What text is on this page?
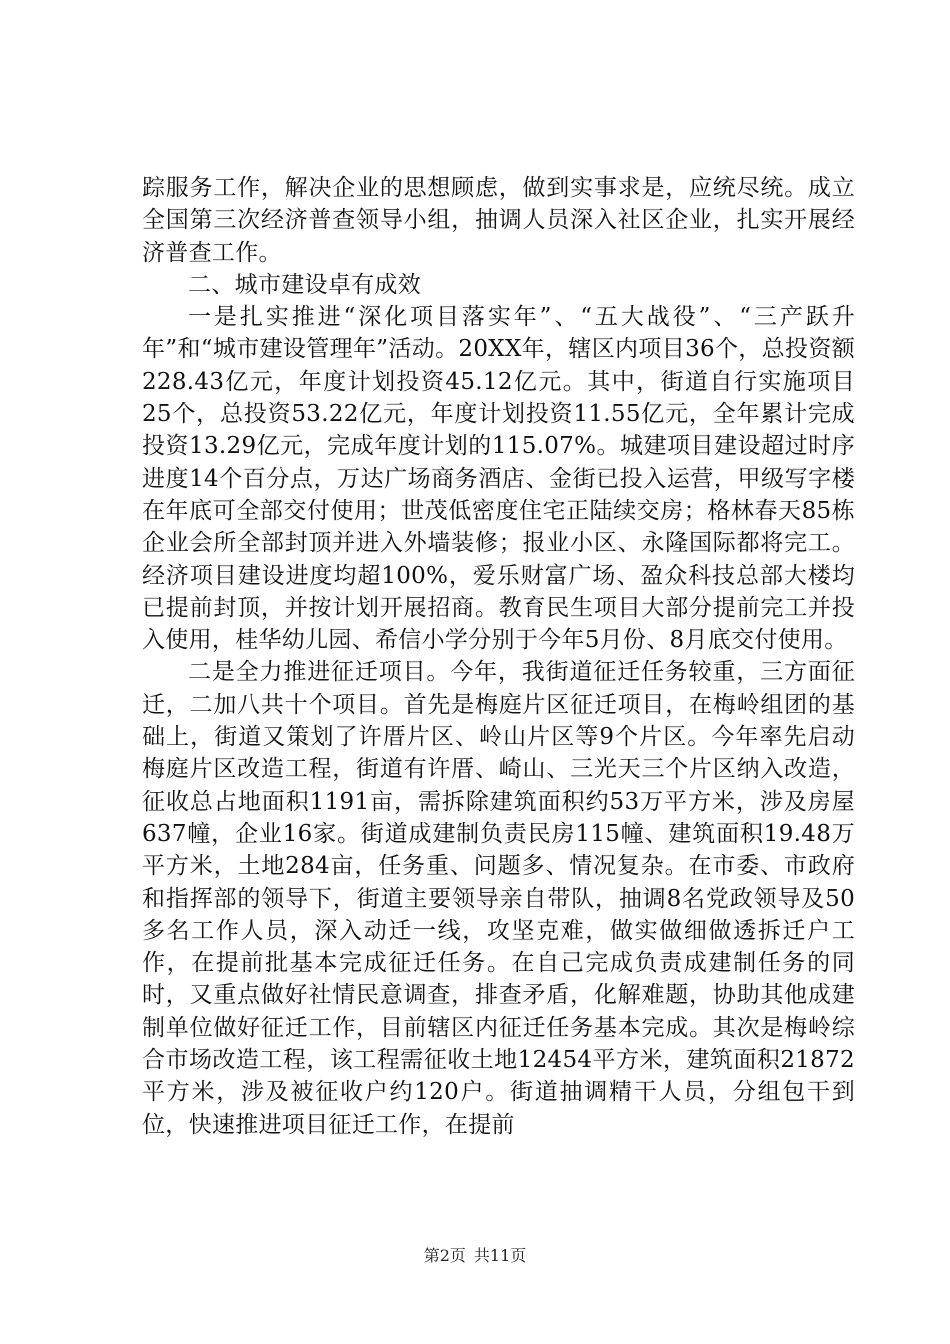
踪服务工作，解决企业的思想顾虑，做到实事求是，应统尽统。成立全国第三次经济普查领导小组，抽调人员深入社区企业，扎实开展经济普查工作。

二、城市建设卓有成效

一是扎实推进“深化项目落实年”、“五大战役”、“三产跃升年”和“城市建设管理年”活动。20XX年，辖区内项目36个，总投资额228.43亿元，年度计划投资45.12亿元。其中，街道自行实施项目25个，总投资53.22亿元，年度计划投资11.55亿元，全年累计完成投资13.29亿元，完成年度计划的115.07%。城建项目建设超过时序进度14个百分点，万达广场商务酒店、金街已投入运营，甲级写字楼在年底可全部交付使用；世茂低密度住宅正陆续交房；格林春天85栋企业会所全部封顶并进入外墙装修；报业小区、永隆国际都将完工。经济项目建设进度均超100%，爱乐财富广场、盈众科技总部大楼均已提前封顶，并按计划开展招商。教育民生项目大部分提前完工并投入使用，桂华幼儿园、希信小学分别于今年5月份、8月底交付使用。

二是全力推进征迁项目。今年，我街道征迁任务较重，三方面征迁，二加八共十个项目。首先是梅庭片区征迁项目，在梅岭组团的基础上，街道又策划了许厝片区、岭山片区等9个片区。今年率先启动梅庭片区改造工程，街道有许厝、崎山、三光天三个片区纳入改造，征收总占地面积1191亩，需拆除建筑面积约53万平方米，涉及房屋637幢，企业16家。街道成建制负责民房115幢、建筑面积19.48万平方米，土地284亩，任务重、问题多、情况复杂。在市委、市政府和指挥部的领导下，街道主要领导亲自带队，抽调8名党政领导及50多名工作人员，深入动迁一线，攻坚克难，做实做细做透拆迁户工作，在提前批基本完成征迁任务。在自己完成负责成建制任务的同时，又重点做好社情民意调查，排查矛盾，化解难题，协助其他成建制单位做好征迁工作，目前辖区内征迁任务基本完成。其次是梅岭综合市场改造工程，该工程需征收土地12454平方米，建筑面积21872平方米，涉及被征收户约120户。街道抽调精干人员，分组包干到位，快速推进项目征迁工作，在提前

第2页 共11页
